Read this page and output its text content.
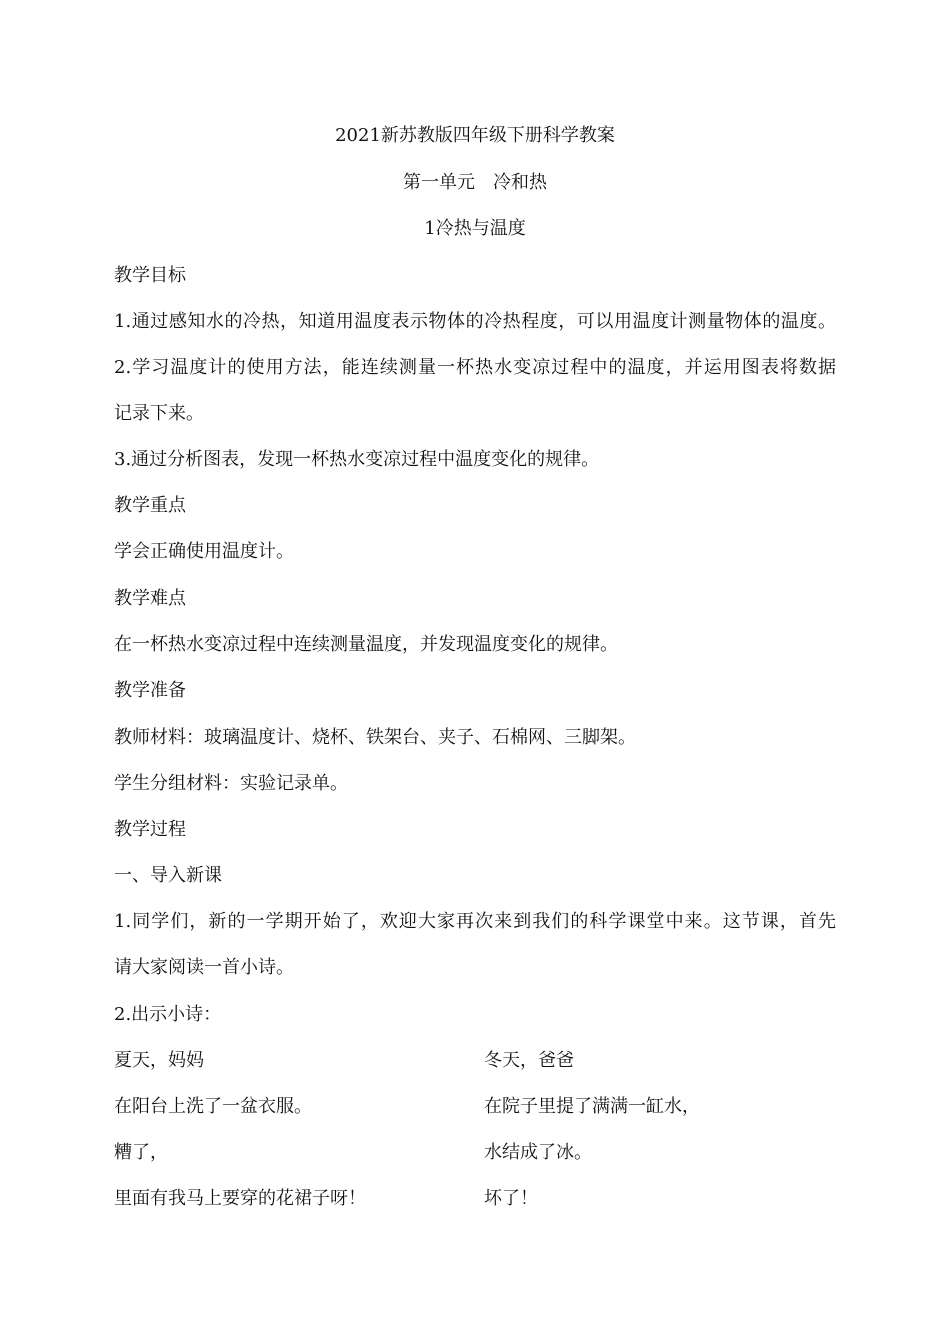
2021新苏教版四年级下册科学教案
第一单元　冷和热
1冷热与温度
教学目标
1.通过感知水的冷热，知道用温度表示物体的冷热程度，可以用温度计测量物体的温度。
2.学习温度计的使用方法，能连续测量一杯热水变凉过程中的温度，并运用图表将数据
记录下来。
3.通过分析图表，发现一杯热水变凉过程中温度变化的规律。
教学重点
学会正确使用温度计。
教学难点
在一杯热水变凉过程中连续测量温度，并发现温度变化的规律。
教学准备
教师材料：玻璃温度计、烧杯、铁架台、夹子、石棉网、三脚架。
学生分组材料：实验记录单。
教学过程
一、导入新课
1.同学们，新的一学期开始了，欢迎大家再次来到我们的科学课堂中来。这节课，首先
请大家阅读一首小诗。
2.出示小诗：
夏天，妈妈	冬天，爸爸
在阳台上洗了一盆衣服。	在院子里提了满满一缸水，
糟了，	水结成了冰。
里面有我马上要穿的花裙子呀！	坏了！
